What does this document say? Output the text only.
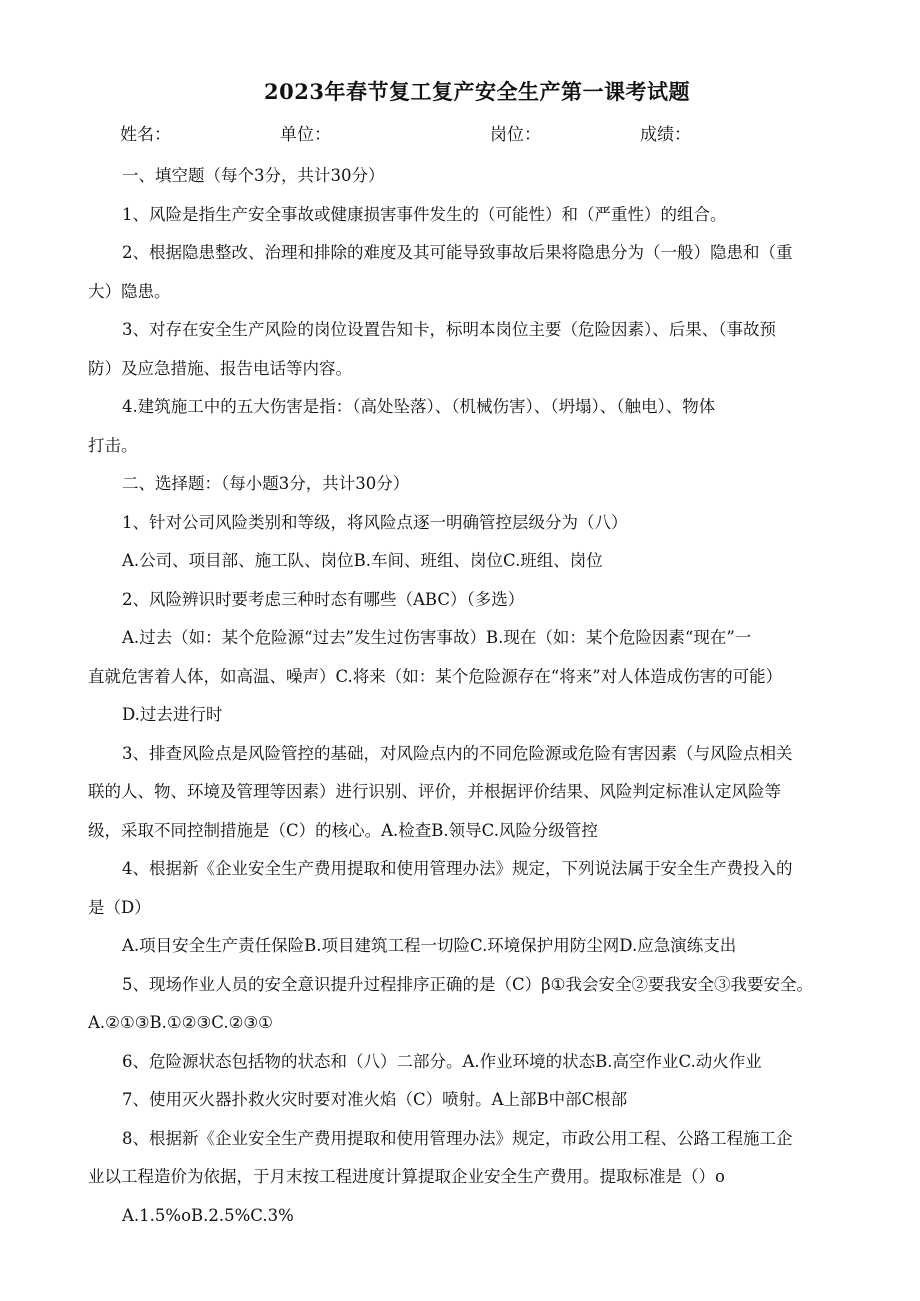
2023年春节复工复产安全生产第一课考试题
姓名：	单位：	岗位：	成绩：

一、填空题（每个3分，共计30分）

1、风险是指生产安全事故或健康损害事件发生的（可能性）和（严重性）的组合。

2、根据隐患整改、治理和排除的难度及其可能导致事故后果将隐患分为（一般）隐患和（重

大）隐患。

3、对存在安全生产风险的岗位设置告知卡，标明本岗位主要（危险因素）、后果、（事故预

防）及应急措施、报告电话等内容。

4.建筑施工中的五大伤害是指：（高处坠落）、（机械伤害）、（坍塌）、（触电）、物体

打击。

二、选择题：（每小题3分，共计30分）

1、针对公司风险类别和等级，将风险点逐一明确管控层级分为（八）

A.公司、项目部、施工队、岗位B.车间、班组、岗位C.班组、岗位

2、风险辨识时要考虑三种时态有哪些（ABC）（多选）

A.过去（如：某个危险源“过去”发生过伤害事故）B.现在（如：某个危险因素“现在”一

直就危害着人体，如高温、噪声）C.将来（如：某个危险源存在“将来”对人体造成伤害的可能）

D.过去进行时

3、排查风险点是风险管控的基础，对风险点内的不同危险源或危险有害因素（与风险点相关

联的人、物、环境及管理等因素）进行识别、评价，并根据评价结果、风险判定标准认定风险等

级，采取不同控制措施是（C）的核心。A.检查B.领导C.风险分级管控

4、根据新《企业安全生产费用提取和使用管理办法》规定，下列说法属于安全生产费投入的

是（D）

A.项目安全生产责任保险B.项目建筑工程一切险C.环境保护用防尘网D.应急演练支出

5、现场作业人员的安全意识提升过程排序正确的是（C）β①我会安全②要我安全③我要安全。

A.②①③B.①②③C.②③①

6、危险源状态包括物的状态和（八）二部分。A.作业环境的状态B.高空作业C.动火作业

7、使用灭火器扑救火灾时要对准火焰（C）喷射。A上部B中部C根部

8、根据新《企业安全生产费用提取和使用管理办法》规定，市政公用工程、公路工程施工企

业以工程造价为依据，于月末按工程进度计算提取企业安全生产费用。提取标准是（）o

A.1.5%oB.2.5%C.3%
